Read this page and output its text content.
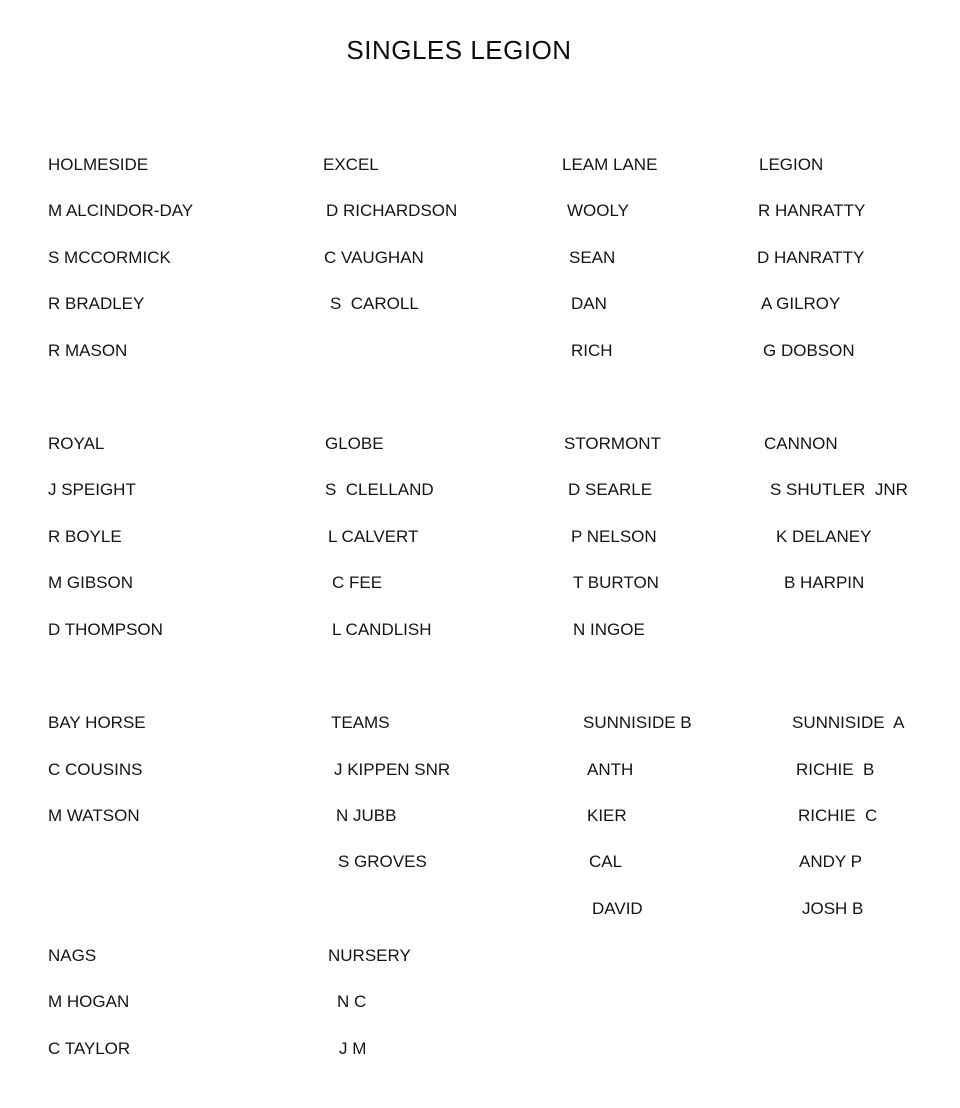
SINGLES LEGION
HOLMESIDE
M ALCINDOR-DAY
S MCCORMICK
R BRADLEY
R MASON
EXCEL
D RICHARDSON
C VAUGHAN
S  CAROLL
LEAM LANE
WOOLY
SEAN
DAN
RICH
LEGION
R HANRATTY
D HANRATTY
A GILROY
G DOBSON
ROYAL
J SPEIGHT
R BOYLE
M GIBSON
D THOMPSON
GLOBE
S  CLELLAND
L CALVERT
C FEE
L CANDLISH
STORMONT
D SEARLE
P NELSON
T BURTON
N INGOE
CANNON
S SHUTLER  JNR
K DELANEY
B HARPIN
BAY HORSE
C COUSINS
M WATSON
TEAMS
J KIPPEN SNR
N JUBB
S GROVES
SUNNISIDE B
ANTH
KIER
CAL
DAVID
SUNNISIDE  A
RICHIE  B
RICHIE  C
ANDY P
JOSH B
NAGS
M HOGAN
C TAYLOR
NURSERY
N C
J M
